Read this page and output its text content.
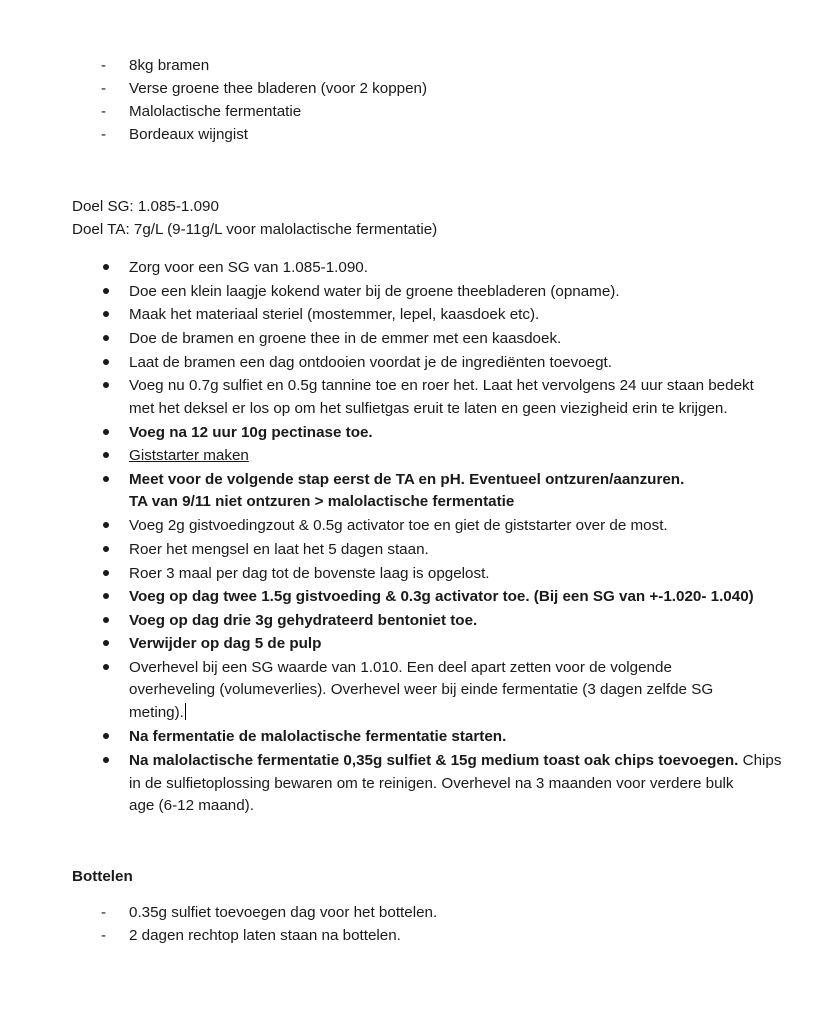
- 8kg bramen
- Verse groene thee bladeren (voor 2 koppen)
- Malolactische fermentatie
- Bordeaux wijngist
Doel SG: 1.085-1.090
Doel TA: 7g/L (9-11g/L voor malolactische fermentatie)
Zorg voor een SG van 1.085-1.090.
Doe een klein laagje kokend water bij de groene theebladeren (opname).
Maak het materiaal steriel (mostemmer, lepel, kaasdoek etc).
Doe de bramen en groene thee in de emmer met een kaasdoek.
Laat de bramen een dag ontdooien voordat je de ingrediënten toevoegt.
Voeg nu 0.7g sulfiet en 0.5g tannine toe en roer het. Laat het vervolgens 24 uur staan bedekt
met het deksel er los op om het sulfietgas eruit te laten en geen viezigheid erin te krijgen.
Voeg na 12 uur 10g pectinase toe.
Giststarter maken
Meet voor de volgende stap eerst de TA en pH. Eventueel ontzuren/aanzuren.
TA van 9/11 niet ontzuren > malolactische fermentatie
Voeg 2g gistvoedingzout & 0.5g activator toe en giet de giststarter over de most.
Roer het mengsel en laat het 5 dagen staan.
Roer 3 maal per dag tot de bovenste laag is opgelost.
Voeg op dag twee 1.5g gistvoeding & 0.3g activator toe. (Bij een SG van +-1.020- 1.040)
Voeg op dag drie 3g gehydrateerd bentoniet toe.
Verwijder op dag 5 de pulp
Overhevel bij een SG waarde van 1.010. Een deel apart zetten voor de volgende
overheveling (volumeverlies). Overhevel weer bij einde fermentatie (3 dagen zelfde SG
meting).
Na fermentatie de malolactische fermentatie starten.
Na malolactische fermentatie 0,35g sulfiet & 15g medium toast oak chips toevoegen. Chips
in de sulfietoplossing bewaren om te reinigen. Overhevel na 3 maanden voor verdere bulk
age (6-12 maand).
Bottelen
- 0.35g sulfiet toevoegen dag voor het bottelen.
- 2 dagen rechtop laten staan na bottelen.
